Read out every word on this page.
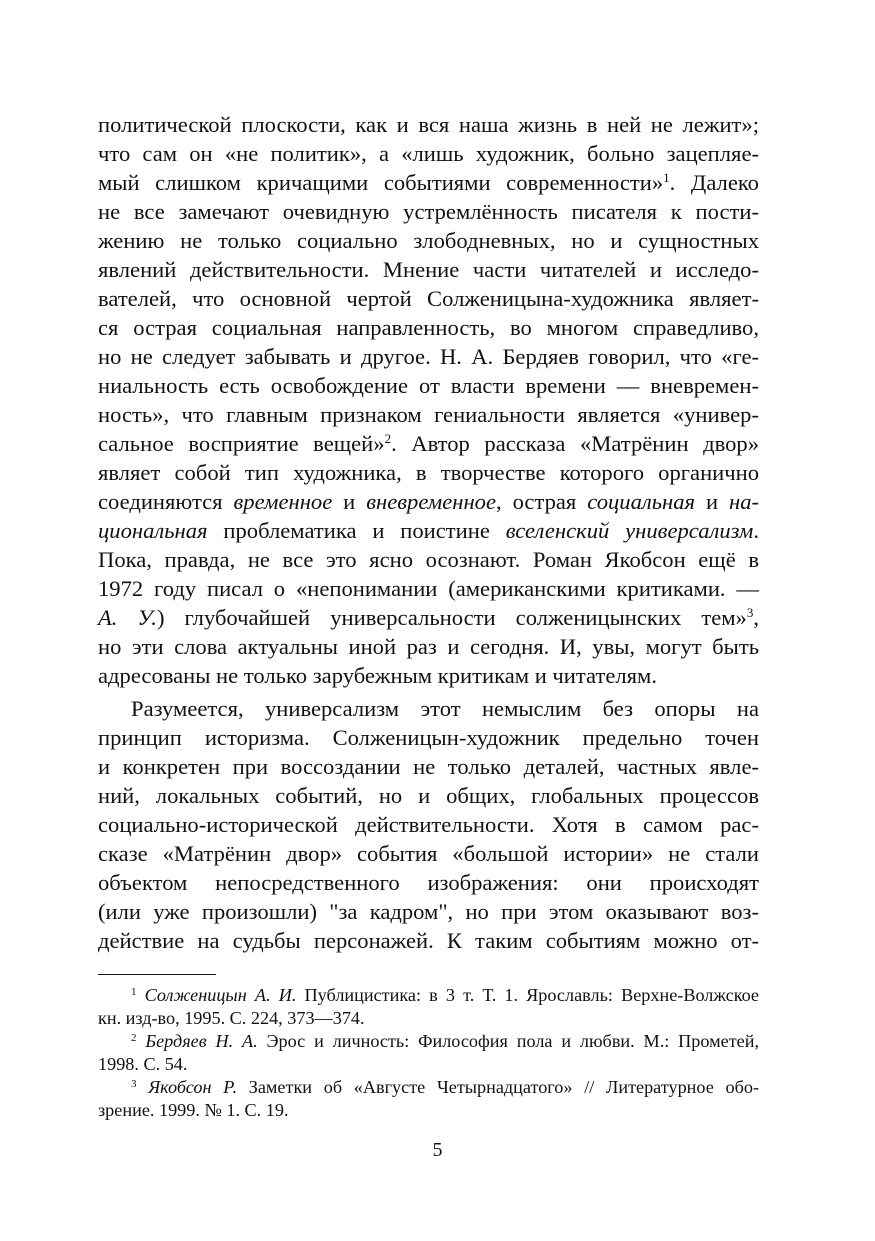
политической плоскости, как и вся наша жизнь в ней не лежит»;
что сам он «не политик», а «лишь художник, больно зацепляе-
мый слишком кричащими событиями современности»$^1$. Далеко
не все замечают очевидную устремлённость писателя к пости-
жению не только социально злободневных, но и сущностных
явлений действительности. Мнение части читателей и исследо-
вателей, что основной чертой Солженицына-художника являет-
ся острая социальная направленность, во многом справедливо,
но не следует забывать и другое. Н. А. Бердяев говорил, что «ге-
ниальность есть освобождение от власти времени — вневремен-
ность», что главным признаком гениальности является «универ-
сальное восприятие вещей»$^2$. Автор рассказа «Матрёнин двор»
являет собой тип художника, в творчестве которого органично
соединяются временное и вневременное, острая социальная и на-
циональная проблематика и поистине вселенский универсализм.
Пока, правда, не все это ясно осознают. Роман Якобсон ещё в
1972 году писал о «непонимании (американскими критиками. —
А. У.) глубочайшей универсальности солженицынских тем»$^3$,
но эти слова актуальны иной раз и сегодня. И, увы, могут быть
адресованы не только зарубежным критикам и читателям.
Разумеется, универсализм этот немыслим без опоры на
принцип историзма. Солженицын-художник предельно точен
и конкретен при воссоздании не только деталей, частных явле-
ний, локальных событий, но и общих, глобальных процессов
социально-исторической действительности. Хотя в самом рас-
сказе «Матрёнин двор» события «большой истории» не стали
объектом непосредственного изображения: они происходят
(или уже произошли) "за кадром", но при этом оказывают воз-
действие на судьбы персонажей. К таким событиям можно от-
$^1$ Солженицын А. И. Публицистика: в 3 т. Т. 1. Ярославль: Верхне-Волжское
кн. изд-во, 1995. С. 224, 373—374.
$^2$ Бердяев Н. А. Эрос и личность: Философия пола и любви. М.: Прометей,
1998. С. 54.
$^3$ Якобсон Р. Заметки об «Августе Четырнадцатого» // Литературное обо-
зрение. 1999. № 1. С. 19.
5
